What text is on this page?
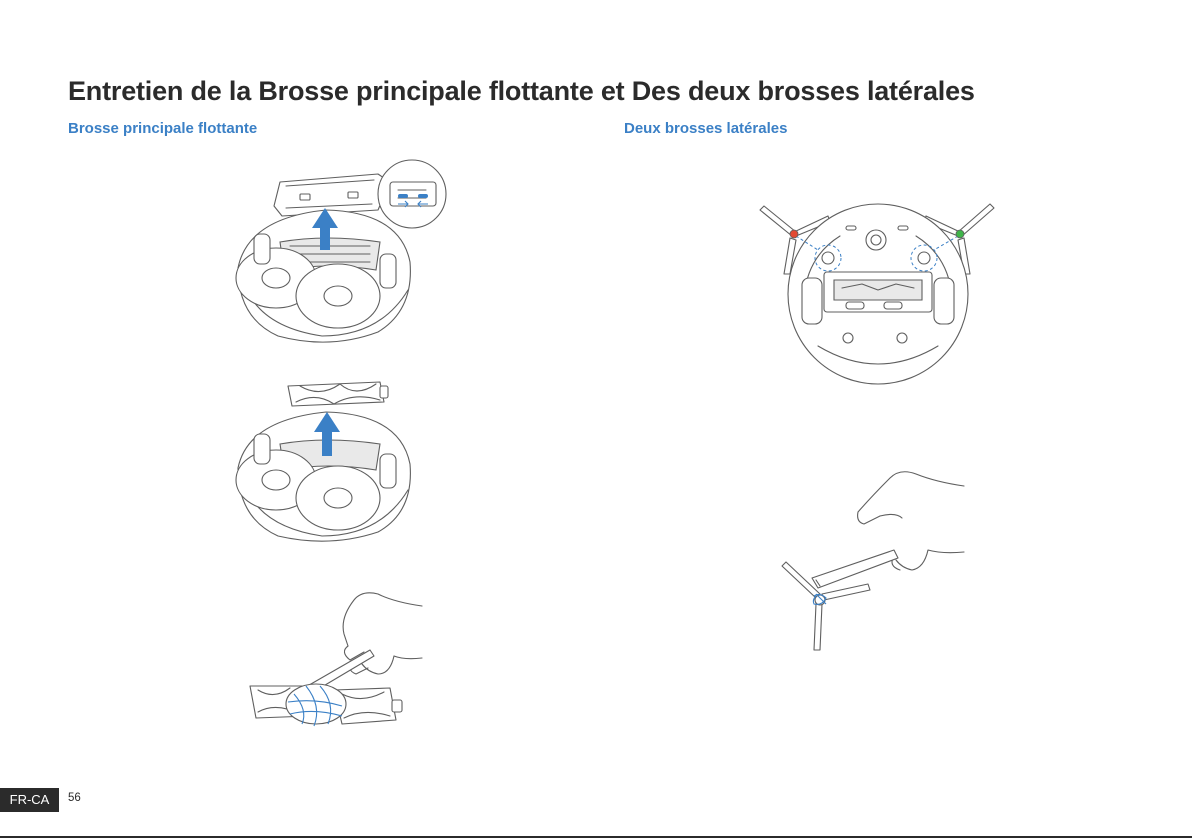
Entretien de la Brosse principale flottante et Des deux brosses latérales
Brosse principale flottante	Deux brosses latérales
FR-CA	56
